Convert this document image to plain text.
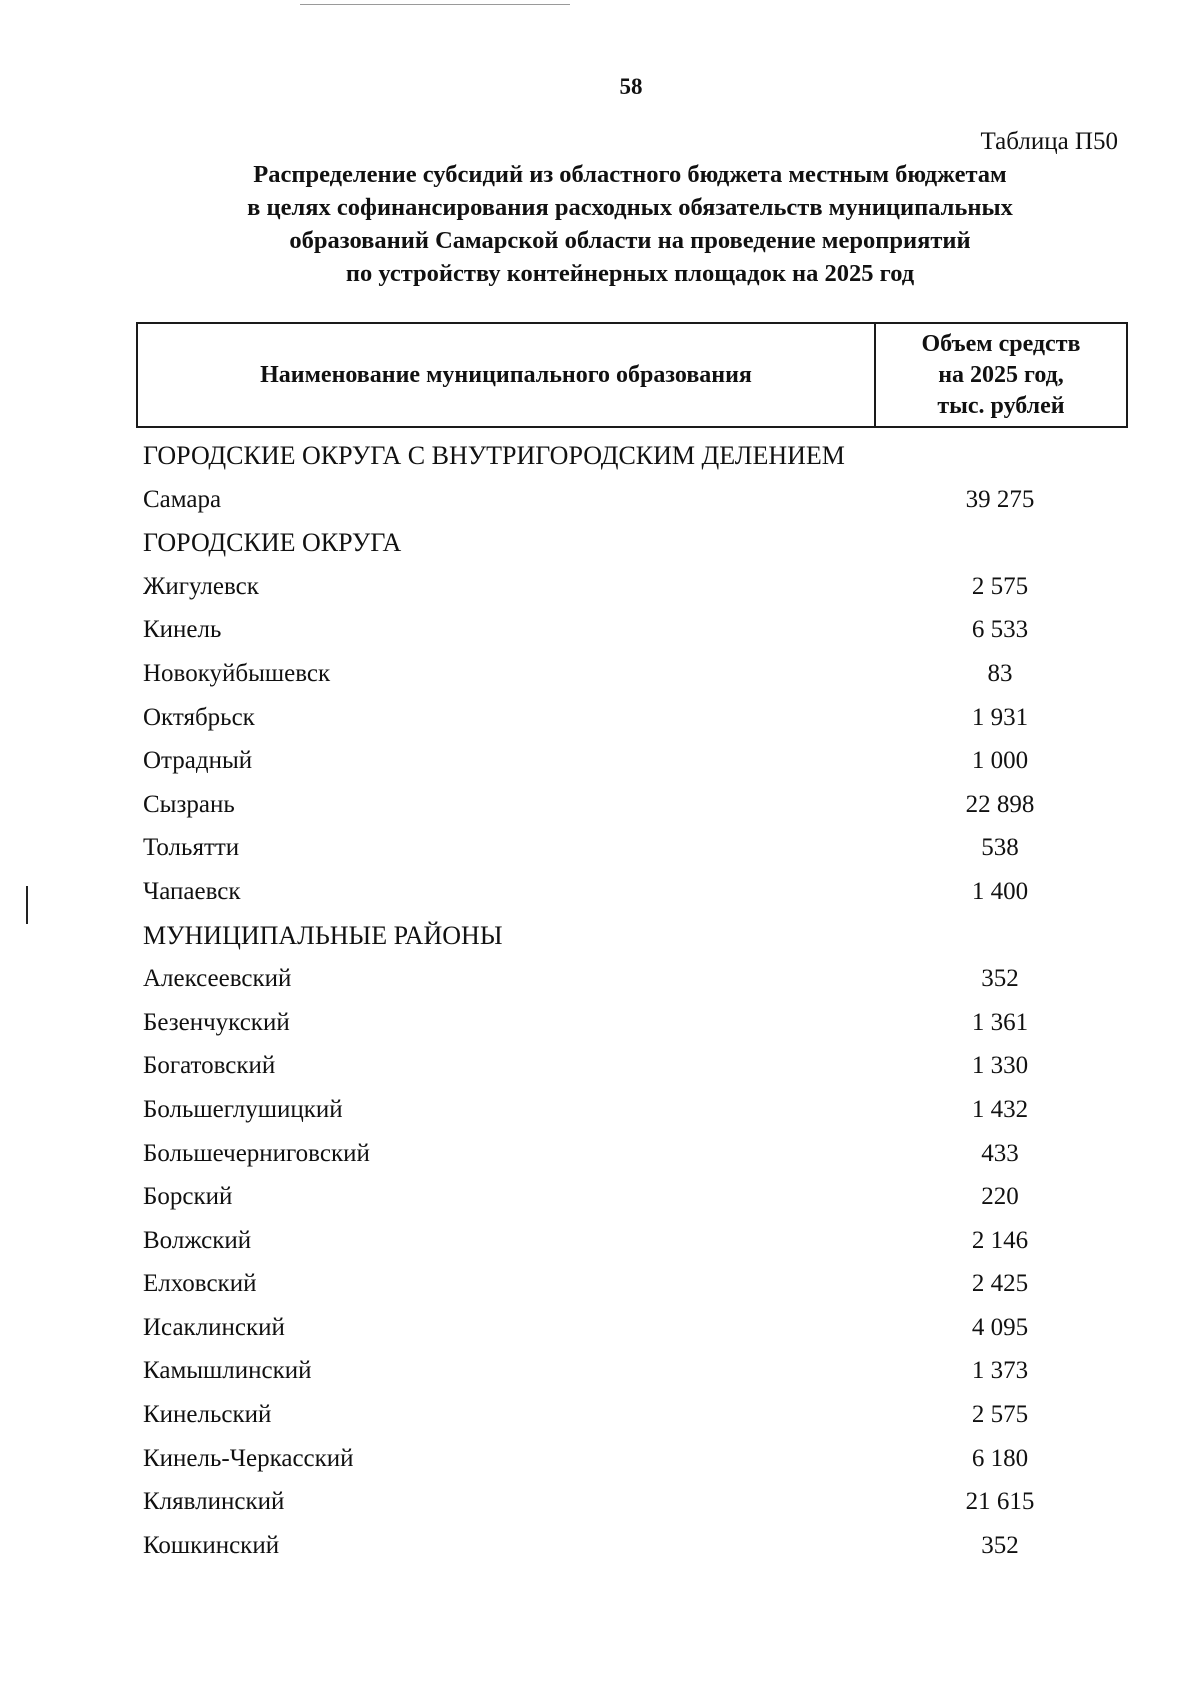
58
Таблица П50
Распределение субсидий из областного бюджета местным бюджетам
в целях софинансирования расходных обязательств муниципальных
образований Самарской области на проведение мероприятий
по устройству контейнерных площадок на 2025 год
Наименование муниципального образования
Объем средств
на 2025 год,
тыс. рублей
ГОРОДСКИЕ ОКРУГА С ВНУТРИГОРОДСКИМ ДЕЛЕНИЕМ
Самара	39 275
ГОРОДСКИЕ ОКРУГА
Жигулевск	2 575
Кинель	6 533
Новокуйбышевск	83
Октябрьск	1 931
Отрадный	1 000
Сызрань	22 898
Тольятти	538
Чапаевск	1 400
МУНИЦИПАЛЬНЫЕ РАЙОНЫ
Алексеевский	352
Безенчукский	1 361
Богатовский	1 330
Большеглушицкий	1 432
Большечерниговский	433
Борский	220
Волжский	2 146
Елховский	2 425
Исаклинский	4 095
Камышлинский	1 373
Кинельский	2 575
Кинель-Черкасский	6 180
Клявлинский	21 615
Кошкинский	352
